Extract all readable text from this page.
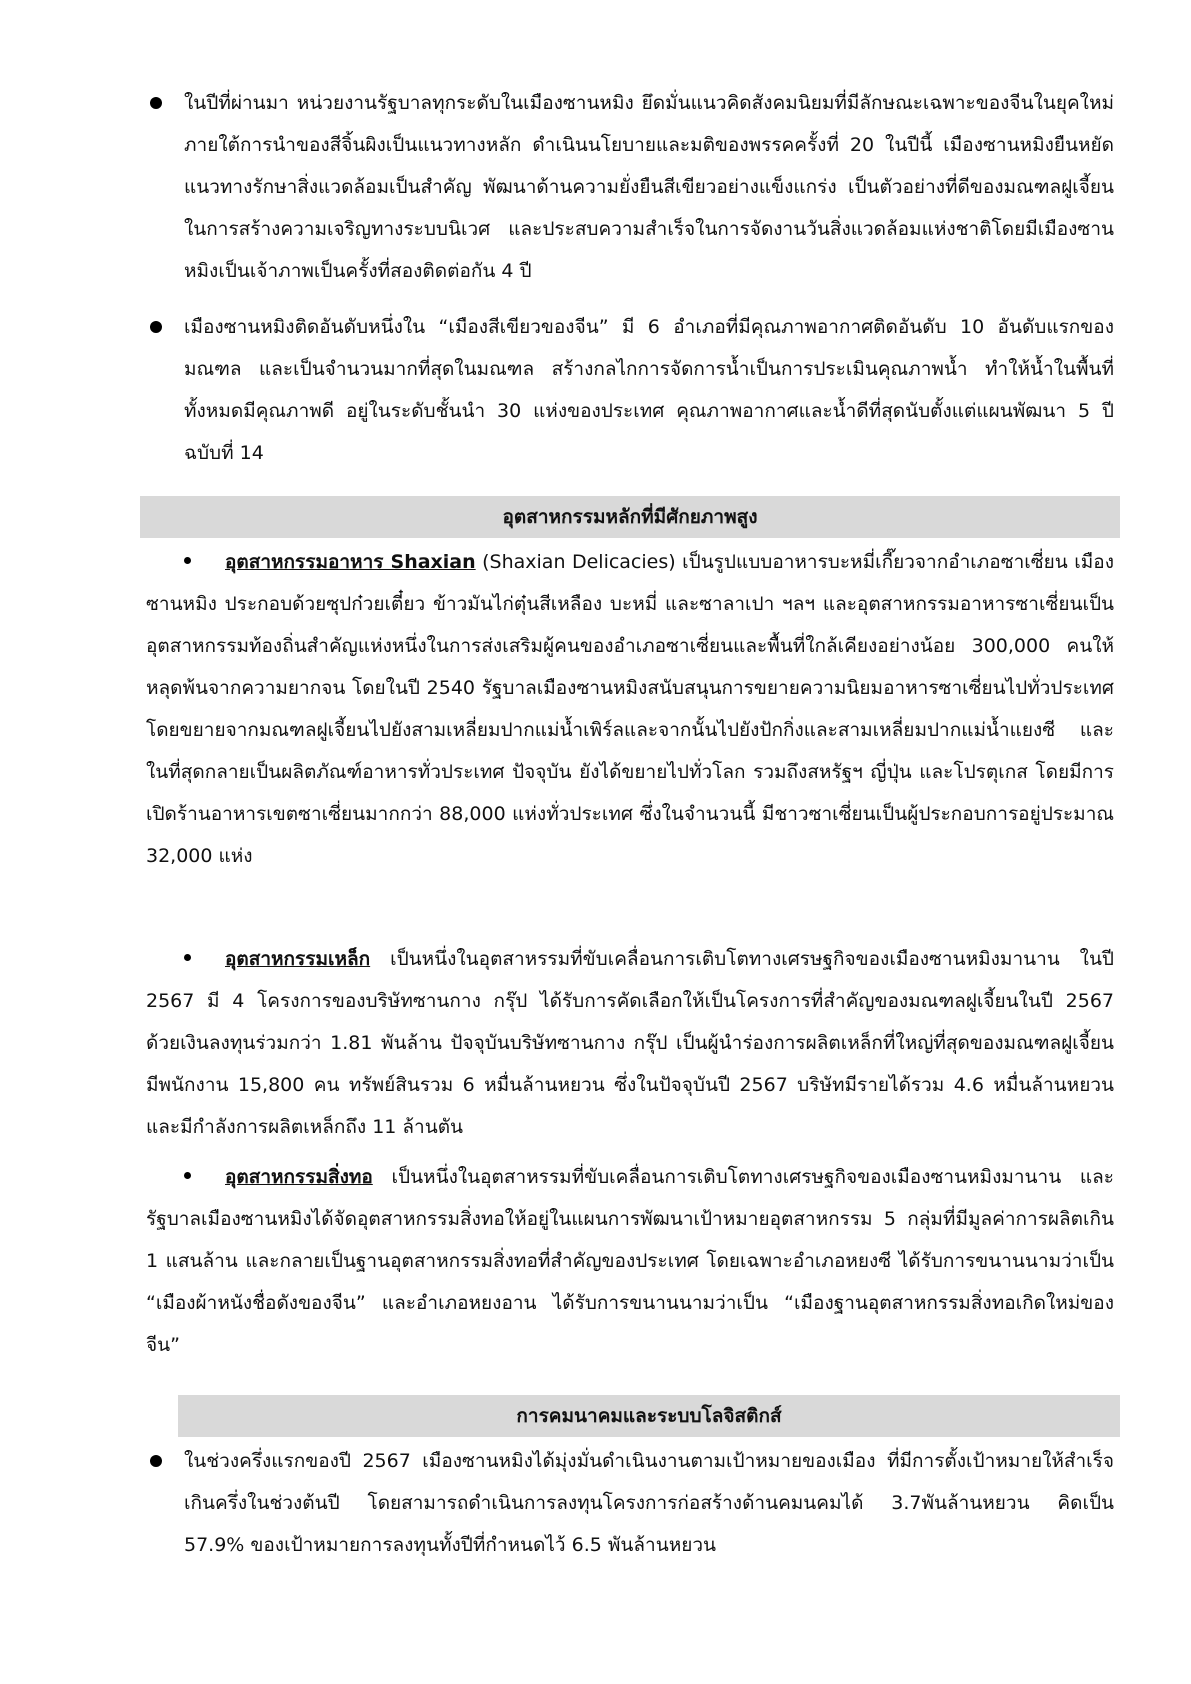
ในปีที่ผ่านมา หน่วยงานรัฐบาลทุกระดับในเมืองซานหมิง ยึดมั่นแนวคิดสังคมนิยมที่มีลักษณะเฉพาะของจีนในยุคใหม่ภายใต้การนำของสีจิ้นผิงเป็นแนวทางหลัก ดำเนินนโยบายและมติของพรรคครั้งที่ 20 ในปีนี้ เมืองซานหมิงยืนหยัดแนวทางรักษาสิ่งแวดล้อมเป็นสำคัญ พัฒนาด้านความยั่งยืนสีเขียวอย่างแข็งแกร่ง เป็นตัวอย่างที่ดีของมณฑลฝูเจี้ยนในการสร้างความเจริญทางระบบนิเวศ และประสบความสำเร็จในการจัดงานวันสิ่งแวดล้อมแห่งชาติโดยมีเมืองซานหมิงเป็นเจ้าภาพเป็นครั้งที่สองติดต่อกัน 4 ปี
เมืองซานหมิงติดอันดับหนึ่งใน “เมืองสีเขียวของจีน” มี 6 อำเภอที่มีคุณภาพอากาศติดอันดับ 10 อันดับแรกของมณฑล และเป็นจำนวนมากที่สุดในมณฑล สร้างกลไกการจัดการน้ำเป็นการประเมินคุณภาพน้ำ ทำให้น้ำในพื้นที่ทั้งหมดมีคุณภาพดี อยู่ในระดับชั้นนำ 30 แห่งของประเทศ คุณภาพอากาศและน้ำดีที่สุดนับตั้งแต่แผนพัฒนา 5 ปีฉบับที่ 14
อุตสาหกรรมหลักที่มีศักยภาพสูง
อุตสาหกรรมอาหาร Shaxian (Shaxian Delicacies) เป็นรูปแบบอาหารบะหมี่เกี๊ยวจากอำเภอซาเซี่ยน เมืองซานหมิง ประกอบด้วยซุปก๋วยเตี๋ยว ข้าวมันไก่ตุ๋นสีเหลือง บะหมี่ และซาลาเปา ฯลฯ และอุตสาหกรรมอาหารซาเซี่ยนเป็นอุตสาหกรรมท้องถิ่นสำคัญแห่งหนึ่งในการส่งเสริมผู้คนของอำเภอซาเซี่ยนและพื้นที่ใกล้เคียงอย่างน้อย 300,000 คนให้หลุดพ้นจากความยากจน โดยในปี 2540 รัฐบาลเมืองซานหมิงสนับสนุนการขยายความนิยมอาหารซาเซี่ยนไปทั่วประเทศ โดยขยายจากมณฑลฝูเจี้ยนไปยังสามเหลี่ยมปากแม่น้ำเพิร์ลและจากนั้นไปยังปักกิ่งและสามเหลี่ยมปากแม่น้ำแยงซี และในที่สุดกลายเป็นผลิตภัณฑ์อาหารทั่วประเทศ ปัจจุบัน ยังได้ขยายไปทั่วโลก รวมถึงสหรัฐฯ ญี่ปุ่น และโปรตุเกส โดยมีการเปิดร้านอาหารเขตซาเซี่ยนมากกว่า 88,000 แห่งทั่วประเทศ ซึ่งในจำนวนนี้ มีชาวซาเซี่ยนเป็นผู้ประกอบการอยู่ประมาณ 32,000 แห่ง
อุตสาหกรรมเหล็ก เป็นหนึ่งในอุตสาหรรมที่ขับเคลื่อนการเติบโตทางเศรษฐกิจของเมืองซานหมิงมานาน ในปี 2567 มี 4 โครงการของบริษัทซานกาง กรุ๊ป ได้รับการคัดเลือกให้เป็นโครงการที่สำคัญของมณฑลฝูเจี้ยนในปี 2567 ด้วยเงินลงทุนร่วมกว่า 1.81 พันล้าน ปัจจุบันบริษัทซานกาง กรุ๊ป เป็นผู้นำร่องการผลิตเหล็กที่ใหญ่ที่สุดของมณฑลฝูเจี้ยน มีพนักงาน 15,800 คน ทรัพย์สินรวม 6 หมื่นล้านหยวน ซึ่งในปัจจุบันปี 2567 บริษัทมีรายได้รวม 4.6 หมื่นล้านหยวน และมีกำลังการผลิตเหล็กถึง 11 ล้านตัน
อุตสาหกรรมสิ่งทอ เป็นหนึ่งในอุตสาหรรมที่ขับเคลื่อนการเติบโตทางเศรษฐกิจของเมืองซานหมิงมานาน และรัฐบาลเมืองซานหมิงได้จัดอุตสาหกรรมสิ่งทอให้อยู่ในแผนการพัฒนาเป้าหมายอุตสาหกรรม 5 กลุ่มที่มีมูลค่าการผลิตเกิน 1 แสนล้าน และกลายเป็นฐานอุตสาหกรรมสิ่งทอที่สำคัญของประเทศ โดยเฉพาะอำเภอหยงซี ได้รับการขนานนามว่าเป็น “เมืองผ้าหนังชื่อดังของจีน” และอำเภอหยงอาน ได้รับการขนานนามว่าเป็น “เมืองฐานอุตสาหกรรมสิ่งทอเกิดใหม่ของจีน”
การคมนาคมและระบบโลจิสติกส์
ในช่วงครึ่งแรกของปี 2567 เมืองซานหมิงได้มุ่งมั่นดำเนินงานตามเป้าหมายของเมือง ที่มีการตั้งเป้าหมายให้สำเร็จเกินครึ่งในช่วงต้นปี โดยสามารถดำเนินการลงทุนโครงการก่อสร้างด้านคมนคมได้ 3.7พันล้านหยวน คิดเป็น 57.9% ของเป้าหมายการลงทุนทั้งปีที่กำหนดไว้ 6.5 พันล้านหยวน
